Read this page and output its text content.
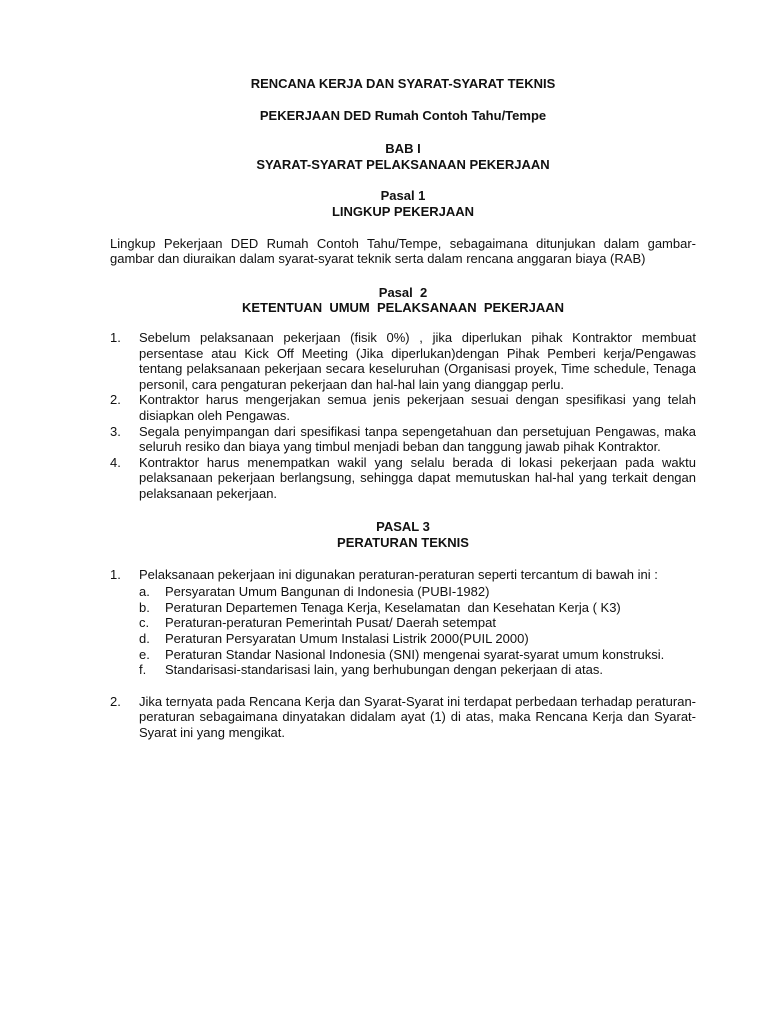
RENCANA KERJA DAN SYARAT-SYARAT TEKNIS

PEKERJAAN DED Rumah Contoh Tahu/Tempe

BAB I

SYARAT-SYARAT PELAKSANAAN PEKERJAAN

Pasal 1

LINGKUP PEKERJAAN

Lingkup Pekerjaan DED Rumah Contoh Tahu/Tempe, sebagaimana ditunjukan dalam gambar-gambar dan diuraikan dalam syarat-syarat teknik serta dalam rencana anggaran biaya (RAB)

Pasal  2

KETENTUAN  UMUM  PELAKSANAAN  PEKERJAAN

1. Sebelum pelaksanaan pekerjaan (fisik 0%) , jika diperlukan pihak Kontraktor membuat persentase atau Kick Off Meeting (Jika diperlukan)dengan Pihak Pemberi kerja/Pengawas tentang pelaksanaan pekerjaan secara keseluruhan (Organisasi proyek, Time schedule, Tenaga personil, cara pengaturan pekerjaan dan hal-hal lain yang dianggap perlu.
2. Kontraktor harus mengerjakan semua jenis pekerjaan sesuai dengan spesifikasi yang telah disiapkan oleh Pengawas.
3. Segala penyimpangan dari spesifikasi tanpa sepengetahuan dan persetujuan Pengawas, maka seluruh resiko dan biaya yang timbul menjadi beban dan tanggung jawab pihak Kontraktor.
4. Kontraktor harus menempatkan wakil yang selalu berada di lokasi pekerjaan pada waktu pelaksanaan pekerjaan berlangsung, sehingga dapat memutuskan hal-hal yang terkait dengan pelaksanaan pekerjaan.

PASAL 3

PERATURAN TEKNIS

1. Pelaksanaan pekerjaan ini digunakan peraturan-peraturan seperti tercantum di bawah ini :
a. Persyaratan Umum Bangunan di Indonesia (PUBI-1982)
b. Peraturan Departemen Tenaga Kerja, Keselamatan  dan Kesehatan Kerja ( K3)
c. Peraturan-peraturan Pemerintah Pusat/ Daerah setempat
d. Peraturan Persyaratan Umum Instalasi Listrik 2000(PUIL 2000)
e. Peraturan Standar Nasional Indonesia (SNI) mengenai syarat-syarat umum konstruksi.
f. Standarisasi-standarisasi lain, yang berhubungan dengan pekerjaan di atas.
2. Jika ternyata pada Rencana Kerja dan Syarat-Syarat ini terdapat perbedaan terhadap peraturan-peraturan sebagaimana dinyatakan didalam ayat (1) di atas, maka Rencana Kerja dan Syarat-Syarat ini yang mengikat.
